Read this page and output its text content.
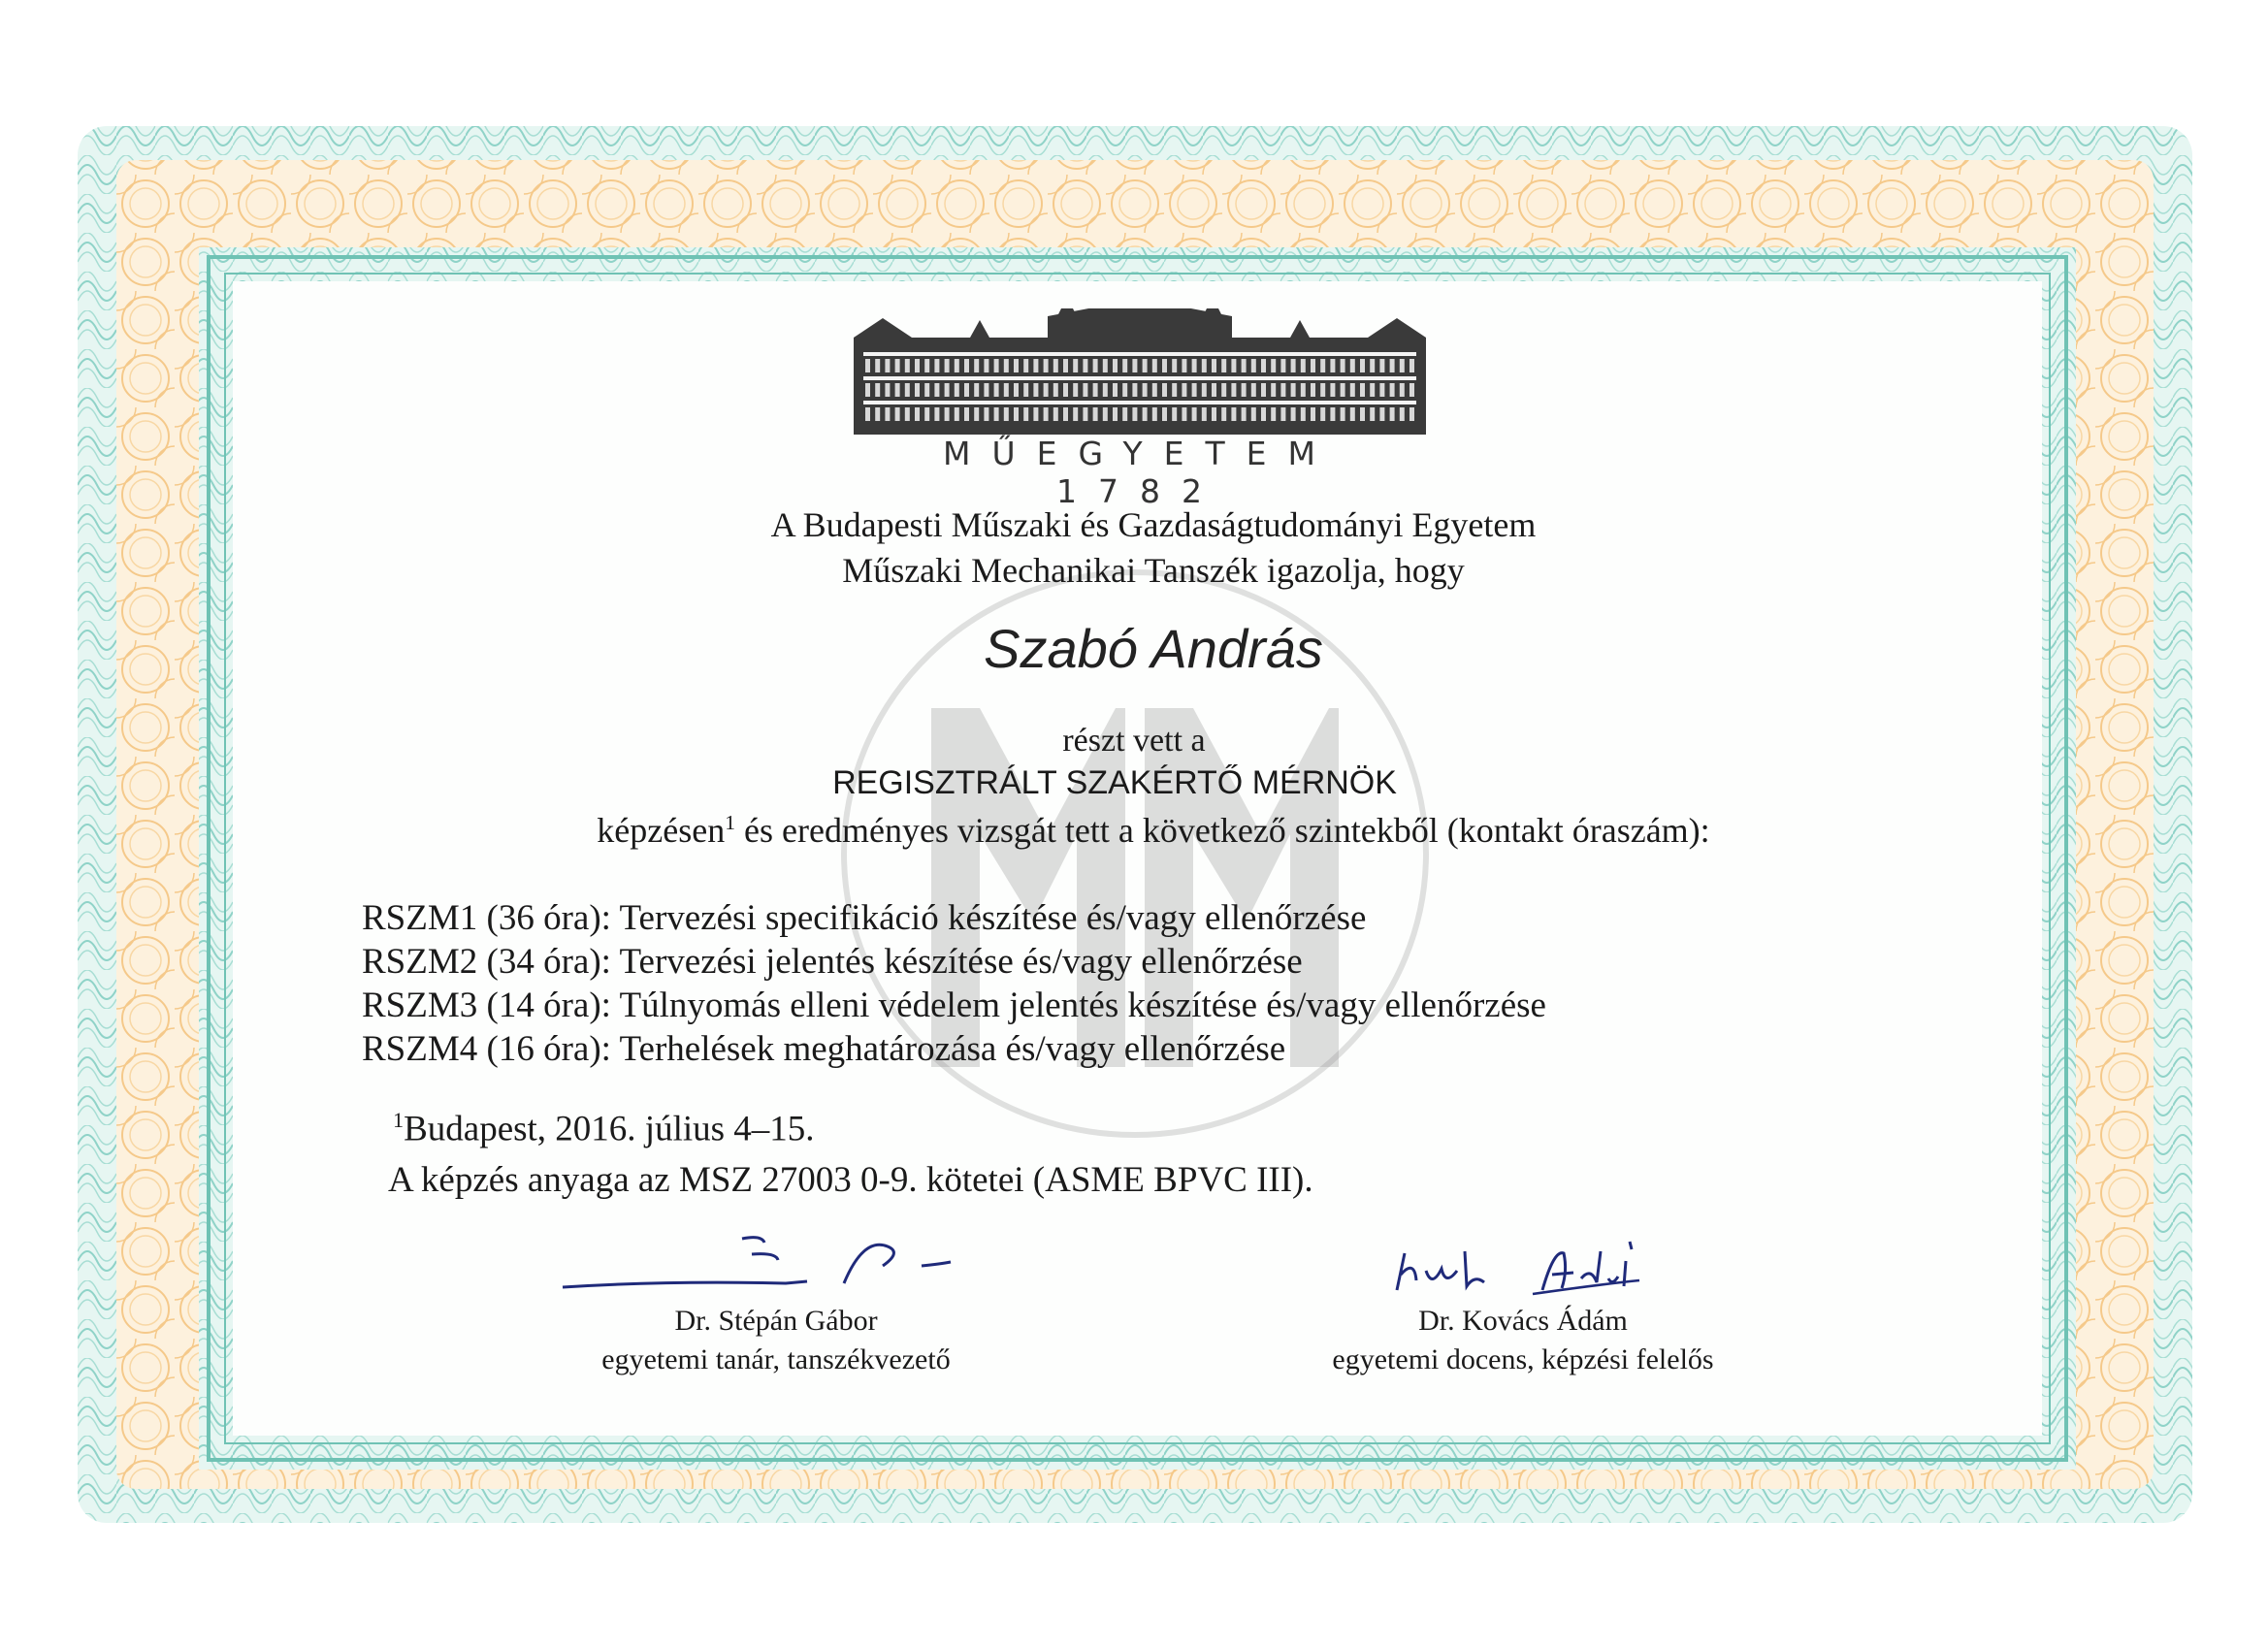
MŰEGYETEM 1782
A Budapesti Műszaki és Gazdaságtudományi Egyetem
Műszaki Mechanikai Tanszék igazolja, hogy
Szabó András
részt vett a
REGISZTRÁLT SZAKÉRTŐ MÉRNÖK
képzésen$^1$ és eredményes vizsgát tett a következő szintekből (kontakt óraszám):
RSZM1 (36 óra): Tervezési specifikáció készítése és/vagy ellenőrzése
RSZM2 (34 óra): Tervezési jelentés készítése és/vagy ellenőrzése
RSZM3 (14 óra): Túlnyomás elleni védelem jelentés készítése és/vagy ellenőrzése
RSZM4 (16 óra): Terhelések meghatározása és/vagy ellenőrzése
$^1$Budapest, 2016. július 4–15.
A képzés anyaga az MSZ 27003 0-9. kötetei (ASME BPVC III).
Dr. Stépán Gábor
egyetemi tanár, tanszékvezető
Dr. Kovács Ádám
egyetemi docens, képzési felelős
